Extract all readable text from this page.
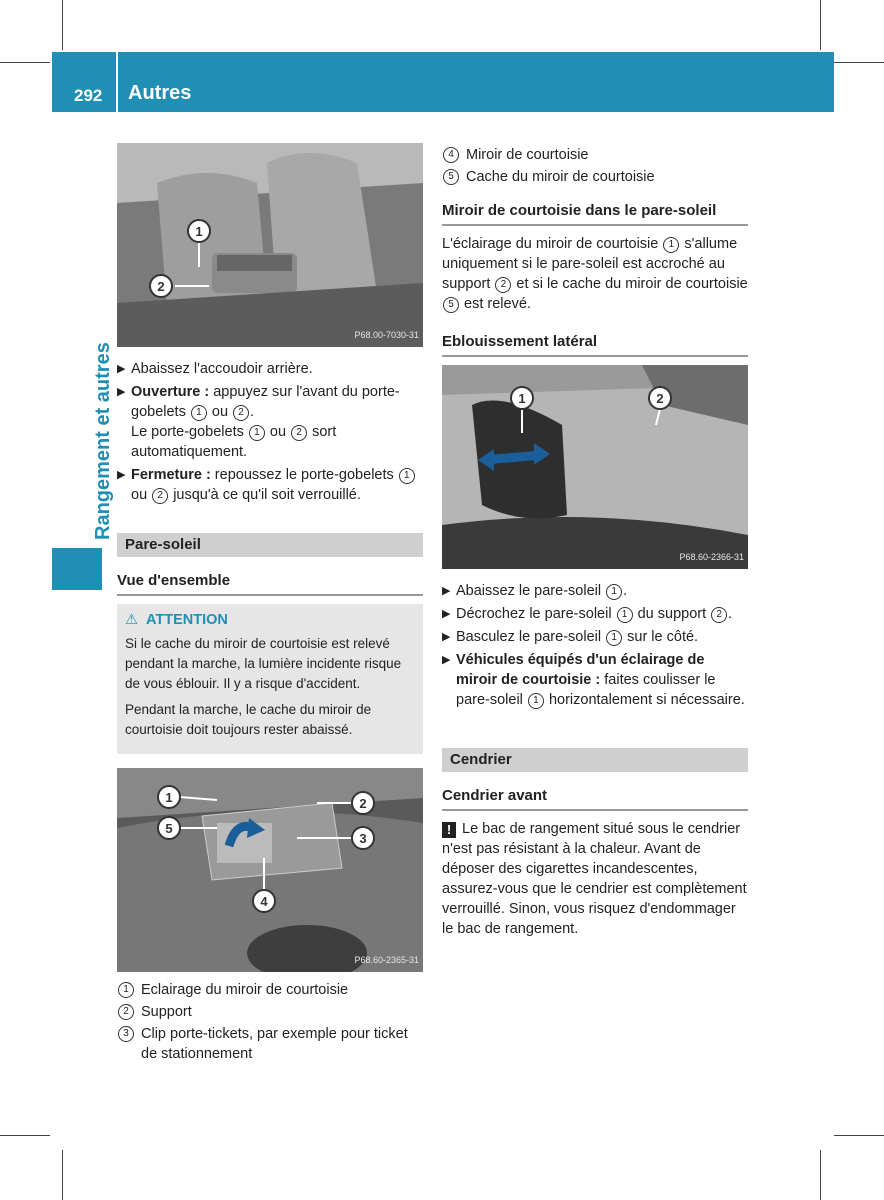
292 Autres
Rangement et autres
1
2
P68.00-7030-31
▶ Abaissez l'accoudoir arrière.
▶ Ouverture : appuyez sur l'avant du porte-gobelets 1 ou 2 .
Le porte-gobelets 1 ou 2 sort automatiquement.
▶ Fermeture : repoussez le porte-gobelets 1 ou 2 jusqu'à ce qu'il soit verrouillé.
Pare-soleil
Vue d'ensemble
⚠ ATTENTION

Si le cache du miroir de courtoisie est relevé pendant la marche, la lumière incidente risque de vous éblouir. Il y a risque d'accident.

Pendant la marche, le cache du miroir de courtoisie doit toujours rester abaissé.

1	2
5
3
4
P68.60-2365-31
1 Eclairage du miroir de courtoisie
2 Support
3 Clip porte-tickets, par exemple pour ticket de stationnement
4 Miroir de courtoisie
5 Cache du miroir de courtoisie
Miroir de courtoisie dans le pare-soleil

L'éclairage du miroir de courtoisie 1 s'allume uniquement si le pare-soleil est accroché au support 2 et si le cache du miroir de courtoisie 5 est relevé.

Eblouissement latéral
1	2
P68.60-2366-31
▶ Abaissez le pare-soleil 1 .
▶ Décrochez le pare-soleil 1 du support 2 .
▶ Basculez le pare-soleil 1 sur le côté.
▶ Véhicules équipés d'un éclairage de miroir de courtoisie : faites coulisser le pare-soleil 1 horizontalement si nécessaire.
Cendrier
Cendrier avant

! Le bac de rangement situé sous le cendrier n'est pas résistant à la chaleur. Avant de déposer des cigarettes incandescentes, assurez-vous que le cendrier est complètement verrouillé. Sinon, vous risquez d'endommager le bac de rangement.
